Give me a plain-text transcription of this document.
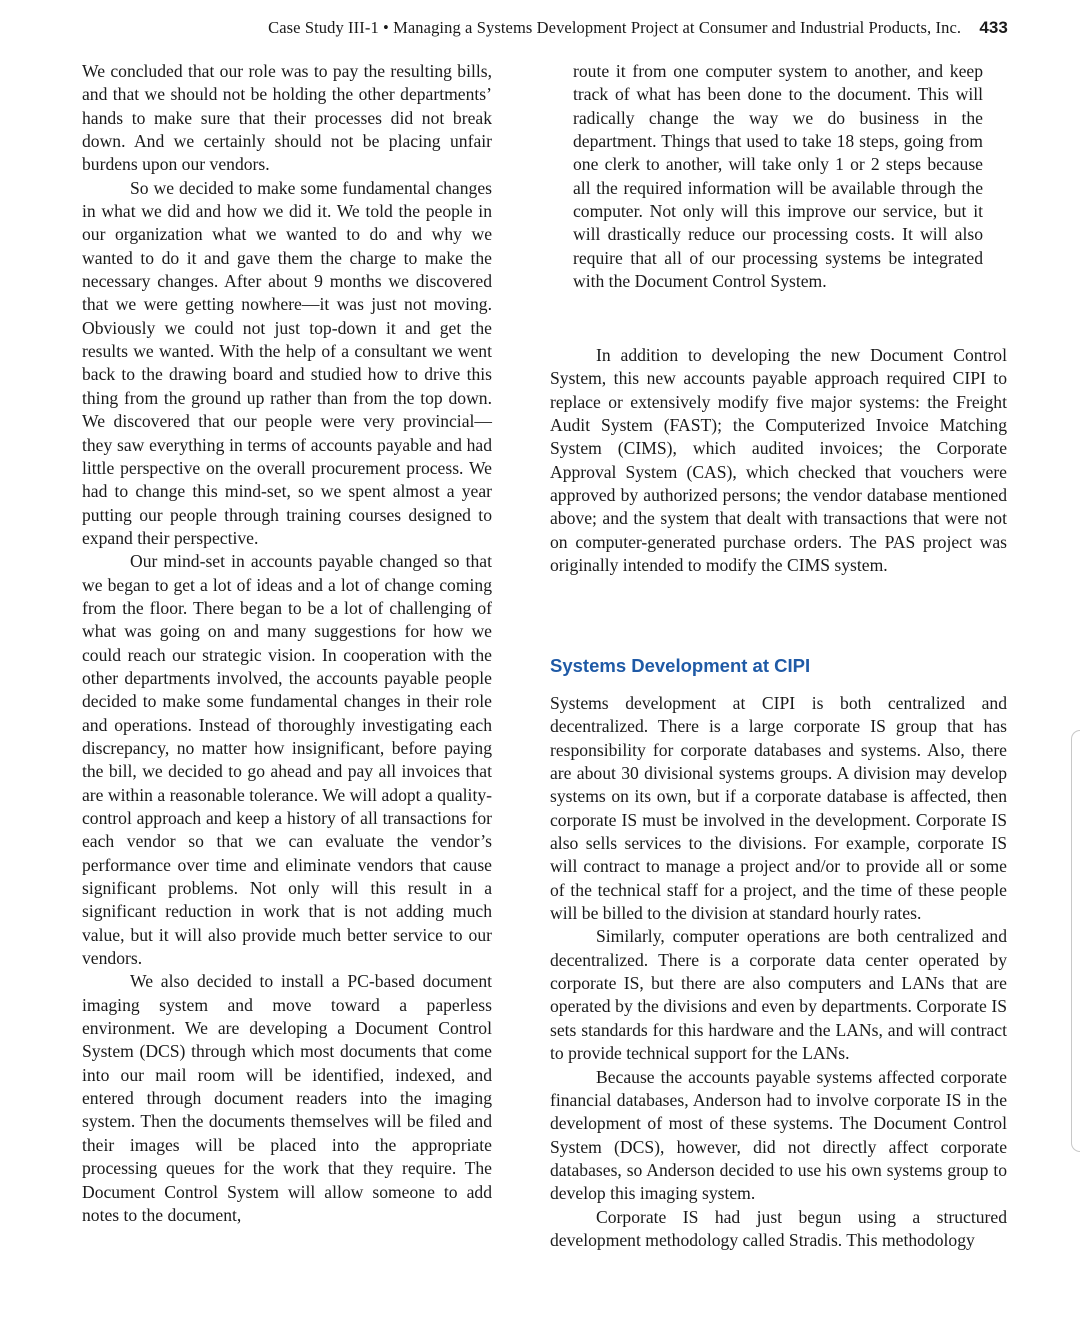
Case Study III-1 • Managing a Systems Development Project at Consumer and Industrial Products, Inc. 433

We concluded that our role was to pay the resulting bills, and that we should not be holding the other departments’ hands to make sure that their processes did not break down. And we certainly should not be placing unfair burdens upon our vendors.

So we decided to make some fundamental changes in what we did and how we did it. We told the people in our organization what we wanted to do and why we wanted to do it and gave them the charge to make the necessary changes. After about 9 months we discovered that we were getting nowhere—it was just not moving. Obviously we could not just top-down it and get the results we wanted. With the help of a consultant we went back to the drawing board and studied how to drive this thing from the ground up rather than from the top down. We discovered that our people were very provincial—they saw everything in terms of accounts payable and had little perspective on the overall procurement process. We had to change this mind-set, so we spent almost a year putting our people through training courses designed to expand their perspective.

Our mind-set in accounts payable changed so that we began to get a lot of ideas and a lot of change coming from the floor. There began to be a lot of challenging of what was going on and many suggestions for how we could reach our strategic vision. In cooperation with the other departments involved, the accounts payable people decided to make some fundamental changes in their role and operations. Instead of thoroughly investigating each discrepancy, no matter how insignificant, before paying the bill, we decided to go ahead and pay all invoices that are within a reasonable tolerance. We will adopt a quality-control approach and keep a history of all transactions for each vendor so that we can evaluate the vendor’s performance over time and eliminate vendors that cause significant problems. Not only will this result in a significant reduction in work that is not adding much value, but it will also provide much better service to our vendors.

We also decided to install a PC-based document imaging system and move toward a paperless environment. We are developing a Document Control System (DCS) through which most documents that come into our mail room will be identified, indexed, and entered through document readers into the imaging system. Then the documents themselves will be filed and their images will be placed into the appropriate processing queues for the work that they require. The Document Control System will allow someone to add notes to the document,

route it from one computer system to another, and keep track of what has been done to the document. This will radically change the way we do business in the department. Things that used to take 18 steps, going from one clerk to another, will take only 1 or 2 steps because all the required information will be available through the computer. Not only will this improve our service, but it will drastically reduce our processing costs. It will also require that all of our processing systems be integrated with the Document Control System.

In addition to developing the new Document Control System, this new accounts payable approach required CIPI to replace or extensively modify five major systems: the Freight Audit System (FAST); the Computerized Invoice Matching System (CIMS), which audited invoices; the Corporate Approval System (CAS), which checked that vouchers were approved by authorized persons; the vendor database mentioned above; and the system that dealt with transactions that were not on computer-generated purchase orders. The PAS project was originally intended to modify the CIMS system.

Systems Development at CIPI

Systems development at CIPI is both centralized and decentralized. There is a large corporate IS group that has responsibility for corporate databases and systems. Also, there are about 30 divisional systems groups. A division may develop systems on its own, but if a corporate database is affected, then corporate IS must be involved in the development. Corporate IS also sells services to the divisions. For example, corporate IS will contract to manage a project and/or to provide all or some of the technical staff for a project, and the time of these people will be billed to the division at standard hourly rates.

Similarly, computer operations are both centralized and decentralized. There is a corporate data center operated by corporate IS, but there are also computers and LANs that are operated by the divisions and even by departments. Corporate IS sets standards for this hardware and the LANs, and will contract to provide technical support for the LANs.

Because the accounts payable systems affected corporate financial databases, Anderson had to involve corporate IS in the development of most of these systems. The Document Control System (DCS), however, did not directly affect corporate databases, so Anderson decided to use his own systems group to develop this imaging system.

Corporate IS had just begun using a structured development methodology called Stradis. This methodology
